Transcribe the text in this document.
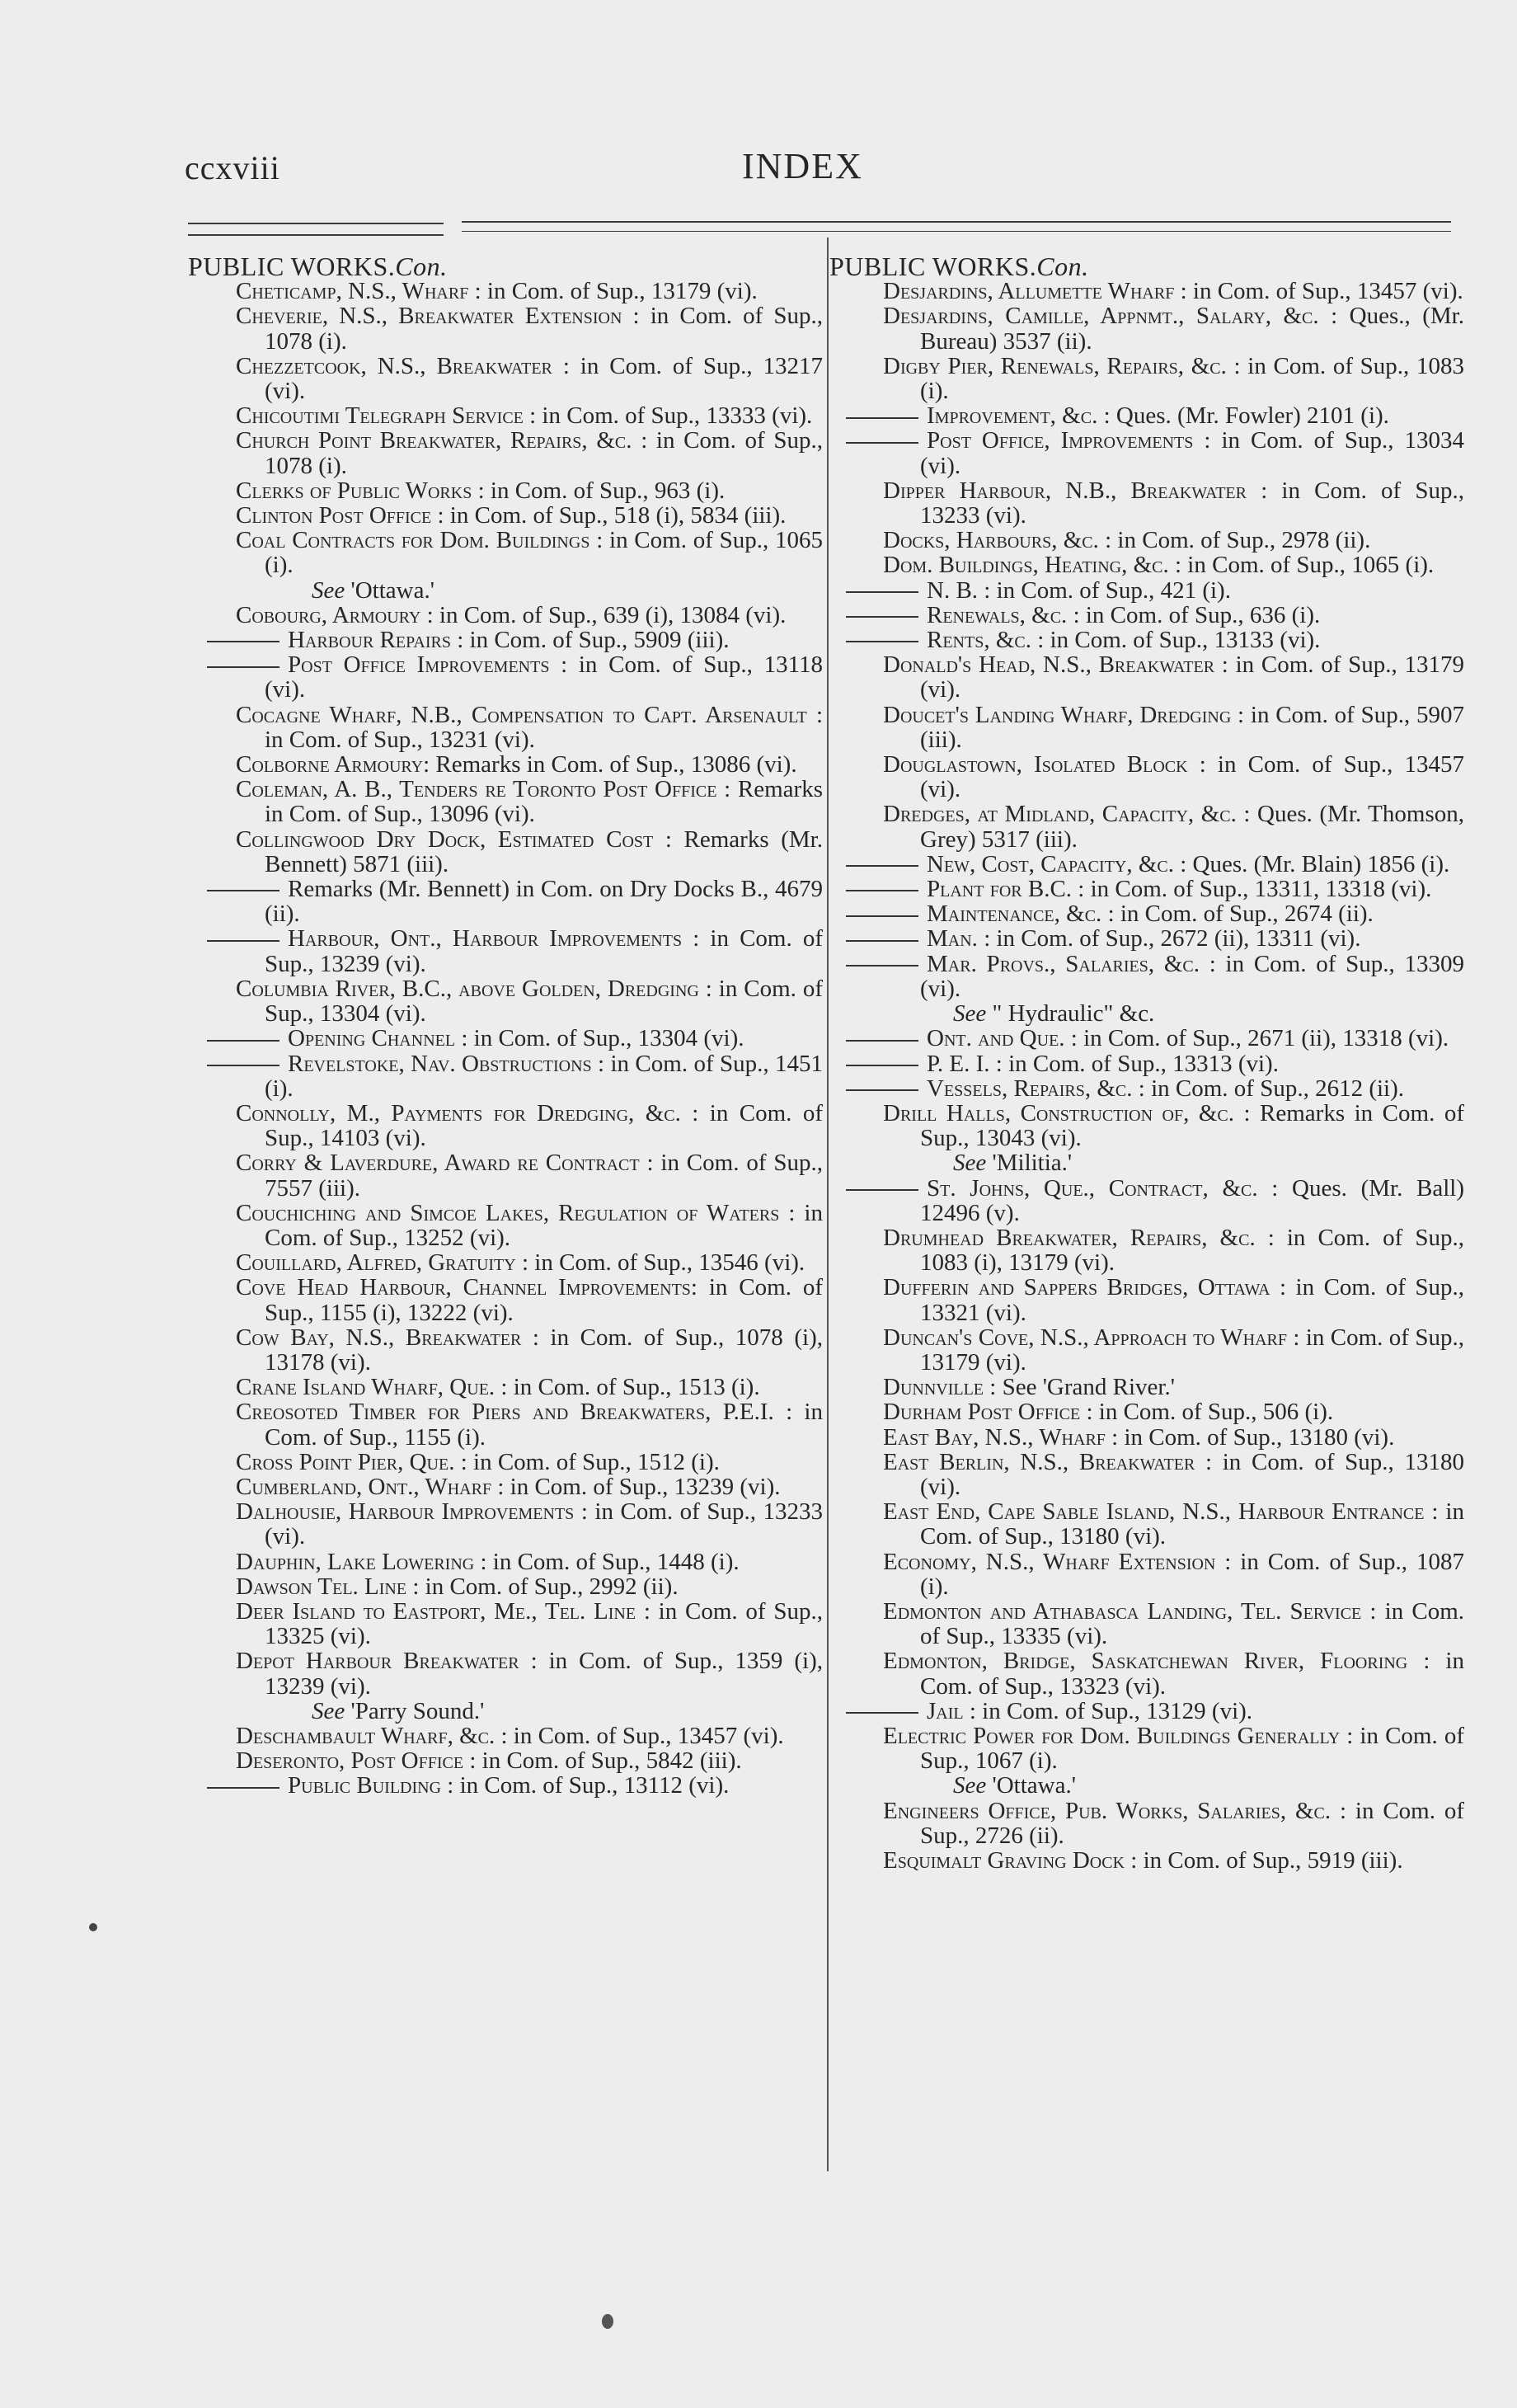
ccxviii	INDEX
PUBLIC WORKS.Con.

Cheticamp, N.S., Wharf : in Com. of Sup., 13179 (vi).

Cheverie, N.S., Breakwater Extension : in Com. of Sup., 1078 (i).

Chezzetcook, N.S., Breakwater : in Com. of Sup., 13217 (vi).

Chicoutimi Telegraph Service : in Com. of Sup., 13333 (vi).

Church Point Breakwater, Repairs, &c. : in Com. of Sup., 1078 (i).

Clerks of Public Works : in Com. of Sup., 963 (i).

Clinton Post Office : in Com. of Sup., 518 (i), 5834 (iii).

Coal Contracts for Dom. Buildings : in Com. of Sup., 1065 (i).

See 'Ottawa.'

Cobourg, Armoury : in Com. of Sup., 639 (i), 13084 (vi).

Harbour Repairs : in Com. of Sup., 5909 (iii).

Post Office Improvements : in Com. of Sup., 13118 (vi).

Cocagne Wharf, N.B., Compensation to Capt. Arsenault : in Com. of Sup., 13231 (vi).

Colborne Armoury: Remarks in Com. of Sup., 13086 (vi).

Coleman, A. B., Tenders re Toronto Post Office : Remarks in Com. of Sup., 13096 (vi).

Collingwood Dry Dock, Estimated Cost : Remarks (Mr. Bennett) 5871 (iii).

Remarks (Mr. Bennett) in Com. on Dry Docks B., 4679 (ii).

Harbour, Ont., Harbour Improvements : in Com. of Sup., 13239 (vi).

Columbia River, B.C., above Golden, Dredging : in Com. of Sup., 13304 (vi).

Opening Channel : in Com. of Sup., 13304 (vi).

Revelstoke, Nav. Obstructions : in Com. of Sup., 1451 (i).

Connolly, M., Payments for Dredging, &c. : in Com. of Sup., 14103 (vi).

Corry & Laverdure, Award re Contract : in Com. of Sup., 7557 (iii).

Couchiching and Simcoe Lakes, Regulation of Waters : in Com. of Sup., 13252 (vi).

Couillard, Alfred, Gratuity : in Com. of Sup., 13546 (vi).

Cove Head Harbour, Channel Improvements: in Com. of Sup., 1155 (i), 13222 (vi).

Cow Bay, N.S., Breakwater : in Com. of Sup., 1078 (i), 13178 (vi).

Crane Island Wharf, Que. : in Com. of Sup., 1513 (i).

Creosoted Timber for Piers and Breakwaters, P.E.I. : in Com. of Sup., 1155 (i).

Cross Point Pier, Que. : in Com. of Sup., 1512 (i).

Cumberland, Ont., Wharf : in Com. of Sup., 13239 (vi).

Dalhousie, Harbour Improvements : in Com. of Sup., 13233 (vi).

Dauphin, Lake Lowering : in Com. of Sup., 1448 (i).

Dawson Tel. Line : in Com. of Sup., 2992 (ii).

Deer Island to Eastport, Me., Tel. Line : in Com. of Sup., 13325 (vi).

Depot Harbour Breakwater : in Com. of Sup., 1359 (i), 13239 (vi).

See 'Parry Sound.'

Deschambault Wharf, &c. : in Com. of Sup., 13457 (vi).

Deseronto, Post Office : in Com. of Sup., 5842 (iii).

Public Building : in Com. of Sup., 13112 (vi).

PUBLIC WORKS.Con.

Desjardins, Allumette Wharf : in Com. of Sup., 13457 (vi).

Desjardins, Camille, Appnmt., Salary, &c. : Ques., (Mr. Bureau) 3537 (ii).

Digby Pier, Renewals, Repairs, &c. : in Com. of Sup., 1083 (i).

Improvement, &c. : Ques. (Mr. Fowler) 2101 (i).

Post Office, Improvements : in Com. of Sup., 13034 (vi).

Dipper Harbour, N.B., Breakwater : in Com. of Sup., 13233 (vi).

Docks, Harbours, &c. : in Com. of Sup., 2978 (ii).

Dom. Buildings, Heating, &c. : in Com. of Sup., 1065 (i).

N. B. : in Com. of Sup., 421 (i).

Renewals, &c. : in Com. of Sup., 636 (i).

Rents, &c. : in Com. of Sup., 13133 (vi).

Donald's Head, N.S., Breakwater : in Com. of Sup., 13179 (vi).

Doucet's Landing Wharf, Dredging : in Com. of Sup., 5907 (iii).

Douglastown, Isolated Block : in Com. of Sup., 13457 (vi).

Dredges, at Midland, Capacity, &c. : Ques. (Mr. Thomson, Grey) 5317 (iii).

New, Cost, Capacity, &c. : Ques. (Mr. Blain) 1856 (i).

Plant for B.C. : in Com. of Sup., 13311, 13318 (vi).

Maintenance, &c. : in Com. of Sup., 2674 (ii).

Man. : in Com. of Sup., 2672 (ii), 13311 (vi).

Mar. Provs., Salaries, &c. : in Com. of Sup., 13309 (vi).

See " Hydraulic" &c.

Ont. and Que. : in Com. of Sup., 2671 (ii), 13318 (vi).

P. E. I. : in Com. of Sup., 13313 (vi).

Vessels, Repairs, &c. : in Com. of Sup., 2612 (ii).

Drill Halls, Construction of, &c. : Remarks in Com. of Sup., 13043 (vi).

See 'Militia.'

St. Johns, Que., Contract, &c. : Ques. (Mr. Ball) 12496 (v).

Drumhead Breakwater, Repairs, &c. : in Com. of Sup., 1083 (i), 13179 (vi).

Dufferin and Sappers Bridges, Ottawa : in Com. of Sup., 13321 (vi).

Duncan's Cove, N.S., Approach to Wharf : in Com. of Sup., 13179 (vi).

Dunnville : See 'Grand River.'

Durham Post Office : in Com. of Sup., 506 (i).

East Bay, N.S., Wharf : in Com. of Sup., 13180 (vi).

East Berlin, N.S., Breakwater : in Com. of Sup., 13180 (vi).

East End, Cape Sable Island, N.S., Harbour Entrance : in Com. of Sup., 13180 (vi).

Economy, N.S., Wharf Extension : in Com. of Sup., 1087 (i).

Edmonton and Athabasca Landing, Tel. Service : in Com. of Sup., 13335 (vi).

Edmonton, Bridge, Saskatchewan River, Flooring : in Com. of Sup., 13323 (vi).

Jail : in Com. of Sup., 13129 (vi).

Electric Power for Dom. Buildings Generally : in Com. of Sup., 1067 (i).

See 'Ottawa.'

Engineers Office, Pub. Works, Salaries, &c. : in Com. of Sup., 2726 (ii).

Esquimalt Graving Dock : in Com. of Sup., 5919 (iii).
